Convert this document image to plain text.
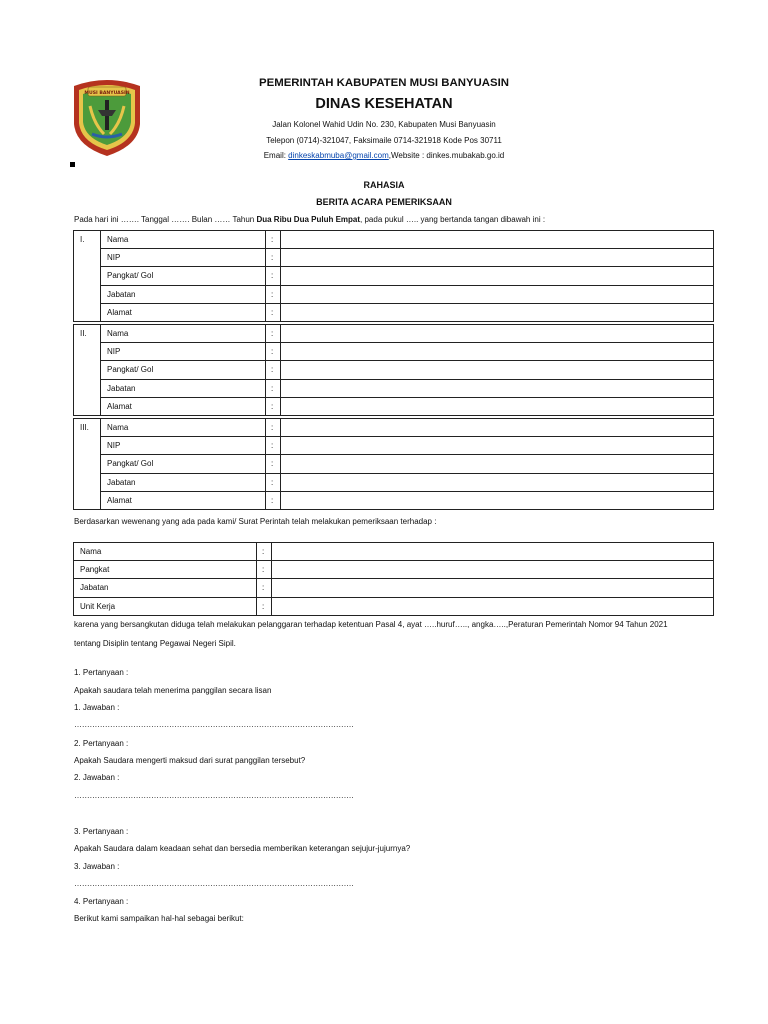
MUSI BANYUASIN
PEMERINTAH KABUPATEN MUSI BANYUASIN
DINAS KESEHATAN
Jalan Kolonel Wahid Udin No. 230, Kabupaten Musi Banyuasin
Telepon (0714)-321047, Faksimaile 0714-321918 Kode Pos 30711
Email: dinkeskabmuba@gmail.com,Website : dinkes.mubakab.go.id
RAHASIA
BERITA ACARA PEMERIKSAAN
Pada hari ini ……. Tanggal ……. Bulan …… Tahun Dua Ribu Dua Puluh Empat, pada pukul ….. yang bertanda tangan dibawah ini :
I.	Nama	:	
	NIP	:	
	Pangkat/ Gol	:	
	Jabatan	:	
	Alamat	:	
II.	Nama	:	
	NIP	:	
	Pangkat/ Gol	:	
	Jabatan	:	
	Alamat	:	
III.	Nama	:	
	NIP	:	
	Pangkat/ Gol	:	
	Jabatan	:	
	Alamat	:	
Berdasarkan wewenang yang ada pada kami/ Surat Perintah telah melakukan pemeriksaan terhadap :
Nama	:	
Pangkat	:	
Jabatan	:	
Unit Kerja	:	
karena yang bersangkutan diduga telah melakukan pelanggaran terhadap ketentuan Pasal 4, ayat …..huruf….., angka…..,Peraturan Pemerintah Nomor 94 Tahun 2021
tentang Disiplin tentang Pegawai Negeri Sipil.
1. Pertanyaan :
Apakah saudara telah menerima panggilan secara lisan
1. Jawaban :
……………………………………………………………………………………………….
2. Pertanyaan :
Apakah Saudara mengerti maksud dari surat panggilan tersebut?
2. Jawaban :
……………………………………………………………………………………………….
3. Pertanyaan :
Apakah Saudara dalam keadaan sehat dan bersedia memberikan keterangan sejujur-jujurnya?
3. Jawaban :
……………………………………………………………………………………………….
4. Pertanyaan :
Berikut kami sampaikan hal-hal sebagai berikut:
